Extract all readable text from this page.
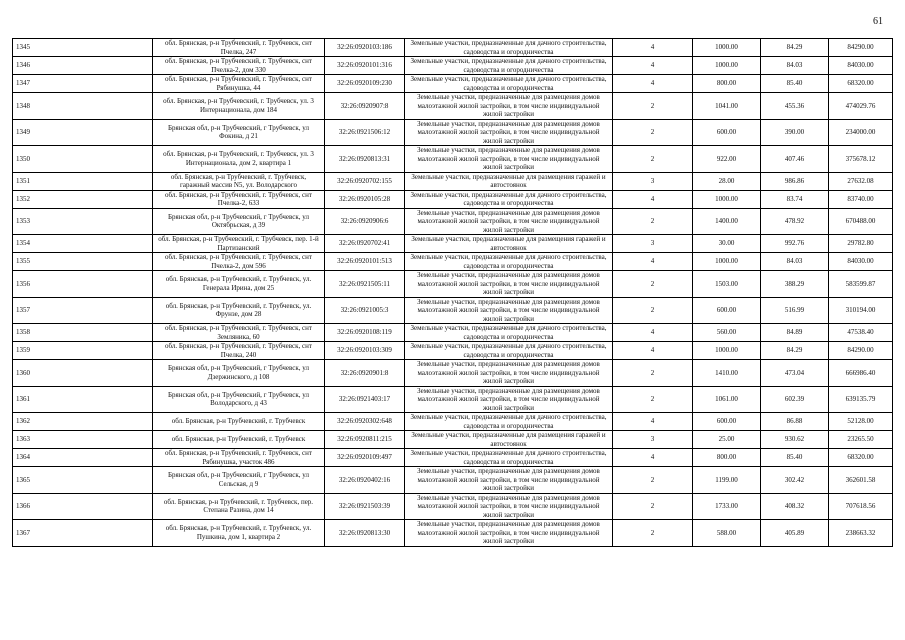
61
1345	обл. Брянская, р-н Трубчевский, г. Трубчевск, снт Пчелка, 247	32:26:0920103:186	Земельные участки, предназначенные для дачного строительства, садоводства и огородничества	4	1000.00	84.29	84290.00
1346	обл. Брянская, р-н Трубчевский, г. Трубчевск, снт Пчелка-2, дом 330	32:26:0920101:316	Земельные участки, предназначенные для дачного строительства, садоводства и огородничества	4	1000.00	84.03	84030.00
1347	обл. Брянская, р-н Трубчевский, г. Трубчевск, снт Рябинушка, 44	32:26:0920109:230	Земельные участки, предназначенные для дачного строительства, садоводства и огородничества	4	800.00	85.40	68320.00
1348	обл. Брянская, р-н Трубчевский, г. Трубчевск, ул. 3 Интернационала, дом 184	32:26:0920907:8	Земельные участки, предназначенные для размещения домов малоэтажной жилой застройки, в том числе индивидуальной жилой застройки	2	1041.00	455.36	474029.76
1349	Брянская обл, р-н Трубчевский, г Трубчевск, ул Фокина, д 21	32:26:0921506:12	Земельные участки, предназначенные для размещения домов малоэтажной жилой застройки, в том числе индивидуальной жилой застройки	2	600.00	390.00	234000.00
1350	обл. Брянская, р-н Трубчевский, г. Трубчевск, ул. 3 Интернационала, дом 2, квартира 1	32:26:0920813:31	Земельные участки, предназначенные для размещения домов малоэтажной жилой застройки, в том числе индивидуальной жилой застройки	2	922.00	407.46	375678.12
1351	обл. Брянская, р-н Трубчевский, г. Трубчевск, гаражный массив N5, ул. Володарского	32:26:0920702:155	Земельные участки, предназначенные для размещения гаражей и автостоянок	3	28.00	986.86	27632.08
1352	обл. Брянская, р-н Трубчевский, г. Трубчевск, снт Пчелка-2, 633	32:26:0920105:28	Земельные участки, предназначенные для дачного строительства, садоводства и огородничества	4	1000.00	83.74	83740.00
1353	Брянская обл, р-н Трубчевский, г Трубчевск, ул Октябрьская, д 39	32:26:0920906:6	Земельные участки, предназначенные для размещения домов малоэтажной жилой застройки, в том числе индивидуальной жилой застройки	2	1400.00	478.92	670488.00
1354	обл. Брянская, р-н Трубчевский, г. Трубчевск, пер. 1-й Партизанский	32:26:0920702:41	Земельные участки, предназначенные для размещения гаражей и автостоянок	3	30.00	992.76	29782.80
1355	обл. Брянская, р-н Трубчевский, г. Трубчевск, снт Пчелка-2, дом 596	32:26:0920101:513	Земельные участки, предназначенные для дачного строительства, садоводства и огородничества	4	1000.00	84.03	84030.00
1356	обл. Брянская, р-н Трубчевский, г. Трубчевск, ул. Генерала Ирина, дом 25	32:26:0921505:11	Земельные участки, предназначенные для размещения домов малоэтажной жилой застройки, в том числе индивидуальной жилой застройки	2	1503.00	388.29	583599.87
1357	обл. Брянская, р-н Трубчевский, г. Трубчевск, ул. Фрунзе, дом 28	32:26:0921005:3	Земельные участки, предназначенные для размещения домов малоэтажной жилой застройки, в том числе индивидуальной жилой застройки	2	600.00	516.99	310194.00
1358	обл. Брянская, р-н Трубчевский, г. Трубчевск, снт Земляника, 60	32:26:0920108:119	Земельные участки, предназначенные для дачного строительства, садоводства и огородничества	4	560.00	84.89	47538.40
1359	обл. Брянская, р-н Трубчевский, г. Трубчевск, снт Пчелка, 240	32:26:0920103:309	Земельные участки, предназначенные для дачного строительства, садоводства и огородничества	4	1000.00	84.29	84290.00
1360	Брянская обл, р-н Трубчевский, г Трубчевск, ул Дзержинского, д 108	32:26:0920901:8	Земельные участки, предназначенные для размещения домов малоэтажной жилой застройки, в том числе индивидуальной жилой застройки	2	1410.00	473.04	666986.40
1361	Брянская обл, р-н Трубчевский, г Трубчевск, ул Володарского, д 43	32:26:0921403:17	Земельные участки, предназначенные для размещения домов малоэтажной жилой застройки, в том числе индивидуальной жилой застройки	2	1061.00	602.39	639135.79
1362	обл. Брянская, р-н Трубчевский, г. Трубчевск	32:26:0920302:648	Земельные участки, предназначенные для дачного строительства, садоводства и огородничества	4	600.00	86.88	52128.00
1363	обл. Брянская, р-н Трубчевский, г. Трубчевск	32:26:0920811:215	Земельные участки, предназначенные для размещения гаражей и автостоянок	3	25.00	930.62	23265.50
1364	обл. Брянская, р-н Трубчевский, г. Трубчевск, снт Рябинушка, участок 486	32:26:0920109:497	Земельные участки, предназначенные для дачного строительства, садоводства и огородничества	4	800.00	85.40	68320.00
1365	Брянская обл, р-н Трубчевский, г Трубчевск, ул Сельская, д 9	32:26:0920402:16	Земельные участки, предназначенные для размещения домов малоэтажной жилой застройки, в том числе индивидуальной жилой застройки	2	1199.00	302.42	362601.58
1366	обл. Брянская, р-н Трубчевский, г. Трубчевск, пер. Степана Разина, дом 14	32:26:0921503:39	Земельные участки, предназначенные для размещения домов малоэтажной жилой застройки, в том числе индивидуальной жилой застройки	2	1733.00	408.32	707618.56
1367	обл. Брянская, р-н Трубчевский, г. Трубчевск, ул. Пушкина, дом 1, квартира 2	32:26:0920813:30	Земельные участки, предназначенные для размещения домов малоэтажной жилой застройки, в том числе индивидуальной жилой застройки	2	588.00	405.89	238663.32
